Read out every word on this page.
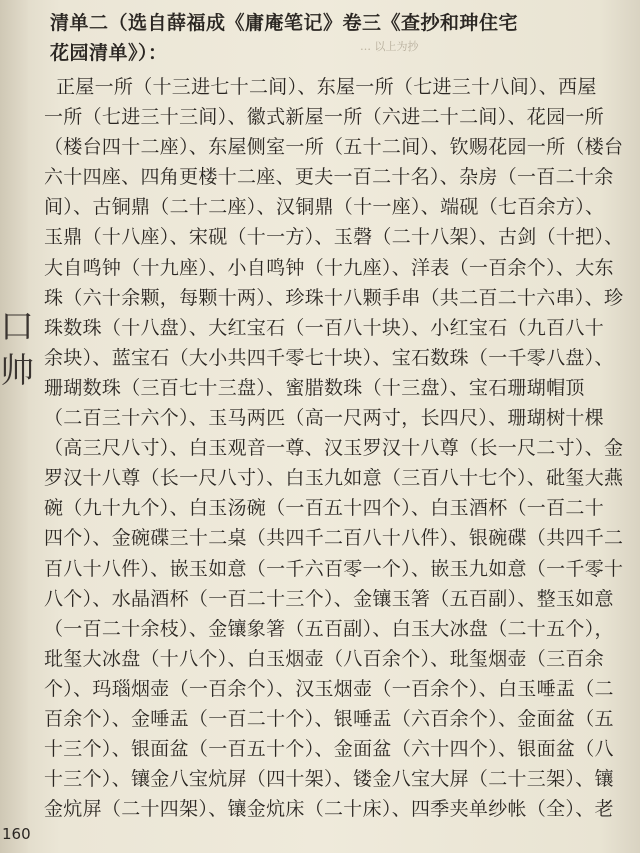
口
帅
… 以上为抄
清单二（选自薛福成《庸庵笔记》卷三《查抄和珅住宅
花园清单》）：
正屋一所（十三进七十二间）、东屋一所（七进三十八间）、西屋
一所（七进三十三间）、徽式新屋一所（六进二十二间）、花园一所
（楼台四十二座）、东屋侧室一所（五十二间）、钦赐花园一所（楼台
六十四座、四角更楼十二座、更夫一百二十名）、杂房（一百二十余
间）、古铜鼎（二十二座）、汉铜鼎（十一座）、端砚（七百余方）、
玉鼎（十八座）、宋砚（十一方）、玉磬（二十八架）、古剑（十把）、
大自鸣钟（十九座）、小自鸣钟（十九座）、洋表（一百余个）、大东
珠（六十余颗，每颗十两）、珍珠十八颗手串（共二百二十六串）、珍
珠数珠（十八盘）、大红宝石（一百八十块）、小红宝石（九百八十
余块）、蓝宝石（大小共四千零七十块）、宝石数珠（一千零八盘）、
珊瑚数珠（三百七十三盘）、蜜腊数珠（十三盘）、宝石珊瑚帽顶
（二百三十六个）、玉马两匹（高一尺两寸，长四尺）、珊瑚树十棵
（高三尺八寸）、白玉观音一尊、汉玉罗汉十八尊（长一尺二寸）、金
罗汉十八尊（长一尺八寸）、白玉九如意（三百八十七个）、砒玺大燕
碗（九十九个）、白玉汤碗（一百五十四个）、白玉酒杯（一百二十
四个）、金碗碟三十二桌（共四千二百八十八件）、银碗碟（共四千二
百八十八件）、嵌玉如意（一千六百零一个）、嵌玉九如意（一千零十
八个）、水晶酒杯（一百二十三个）、金镶玉箸（五百副）、整玉如意
（一百二十余枝）、金镶象箸（五百副）、白玉大冰盘（二十五个），
玭玺大冰盘（十八个）、白玉烟壶（八百余个）、玭玺烟壶（三百余
个）、玛瑙烟壶（一百余个）、汉玉烟壶（一百余个）、白玉唾盂（二
百余个）、金唾盂（一百二十个）、银唾盂（六百余个）、金面盆（五
十三个）、银面盆（一百五十个）、金面盆（六十四个）、银面盆（八
十三个）、镶金八宝炕屏（四十架）、镂金八宝大屏（二十三架）、镶
金炕屏（二十四架）、镶金炕床（二十床）、四季夹单纱帐（全）、老
160
